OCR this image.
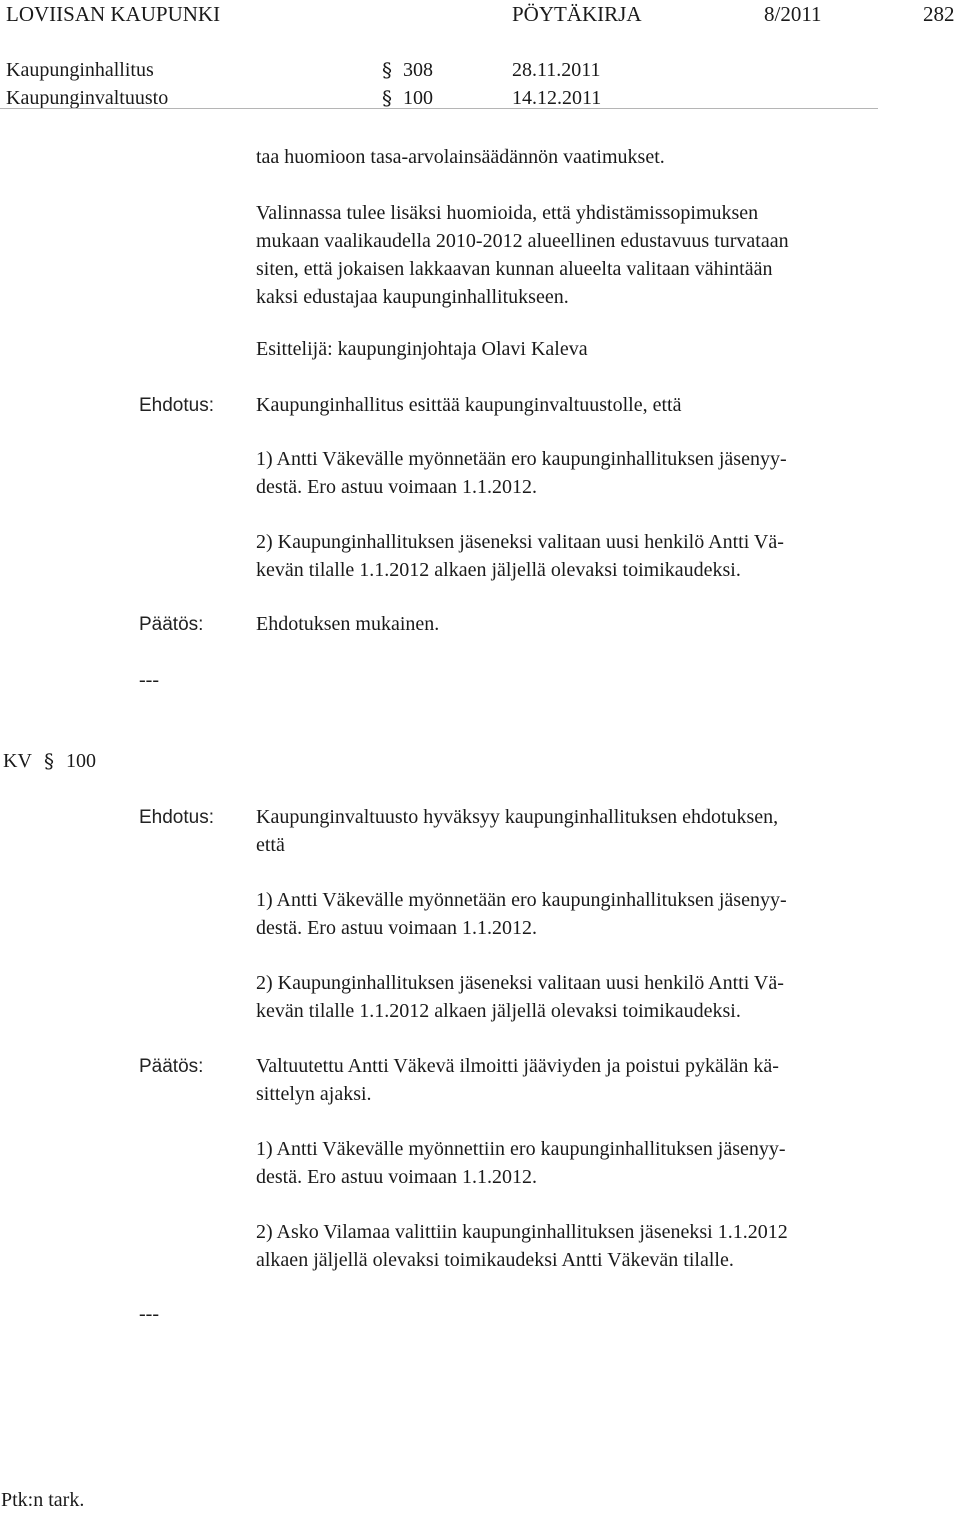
LOVIISAN KAUPUNKI	PÖYTÄKIRJA	8/2011	282
Kaupunginhallitus	§ 308	28.11.2011
Kaupunginvaltuusto	§ 100	14.12.2011
taa huomioon tasa-arvolainsäädännön vaatimukset.
Valinnassa tulee lisäksi huomioida, että yhdistämissopimuksen
mukaan vaalikaudella 2010-2012 alueellinen edustavuus turvataan
siten, että jokaisen lakkaavan kunnan alueelta valitaan vähintään
kaksi edustajaa kaupunginhallitukseen.
Esittelijä: kaupunginjohtaja Olavi Kaleva
Ehdotus: Kaupunginhallitus esittää kaupunginvaltuustolle, että
1) Antti Väkevälle myönnetään ero kaupunginhallituksen jäsenyy-
destä. Ero astuu voimaan 1.1.2012.
2) Kaupunginhallituksen jäseneksi valitaan uusi henkilö Antti Vä-
kevän tilalle 1.1.2012 alkaen jäljellä olevaksi toimikaudeksi.
Päätös:	Ehdotuksen mukainen.
---
KV § 100
Ehdotus: Kaupunginvaltuusto hyväksyy kaupunginhallituksen ehdotuksen,
että
1) Antti Väkevälle myönnetään ero kaupunginhallituksen jäsenyy-
destä. Ero astuu voimaan 1.1.2012.
2) Kaupunginhallituksen jäseneksi valitaan uusi henkilö Antti Vä-
kevän tilalle 1.1.2012 alkaen jäljellä olevaksi toimikaudeksi.
Päätös:	Valtuutettu Antti Väkevä ilmoitti jääviyden ja poistui pykälän kä-
sittelyn ajaksi.
1) Antti Väkevälle myönnettiin ero kaupunginhallituksen jäsenyy-
destä. Ero astuu voimaan 1.1.2012.
2) Asko Vilamaa valittiin kaupunginhallituksen jäseneksi 1.1.2012
alkaen jäljellä olevaksi toimikaudeksi Antti Väkevän tilalle.
---
Ptk:n tark.
